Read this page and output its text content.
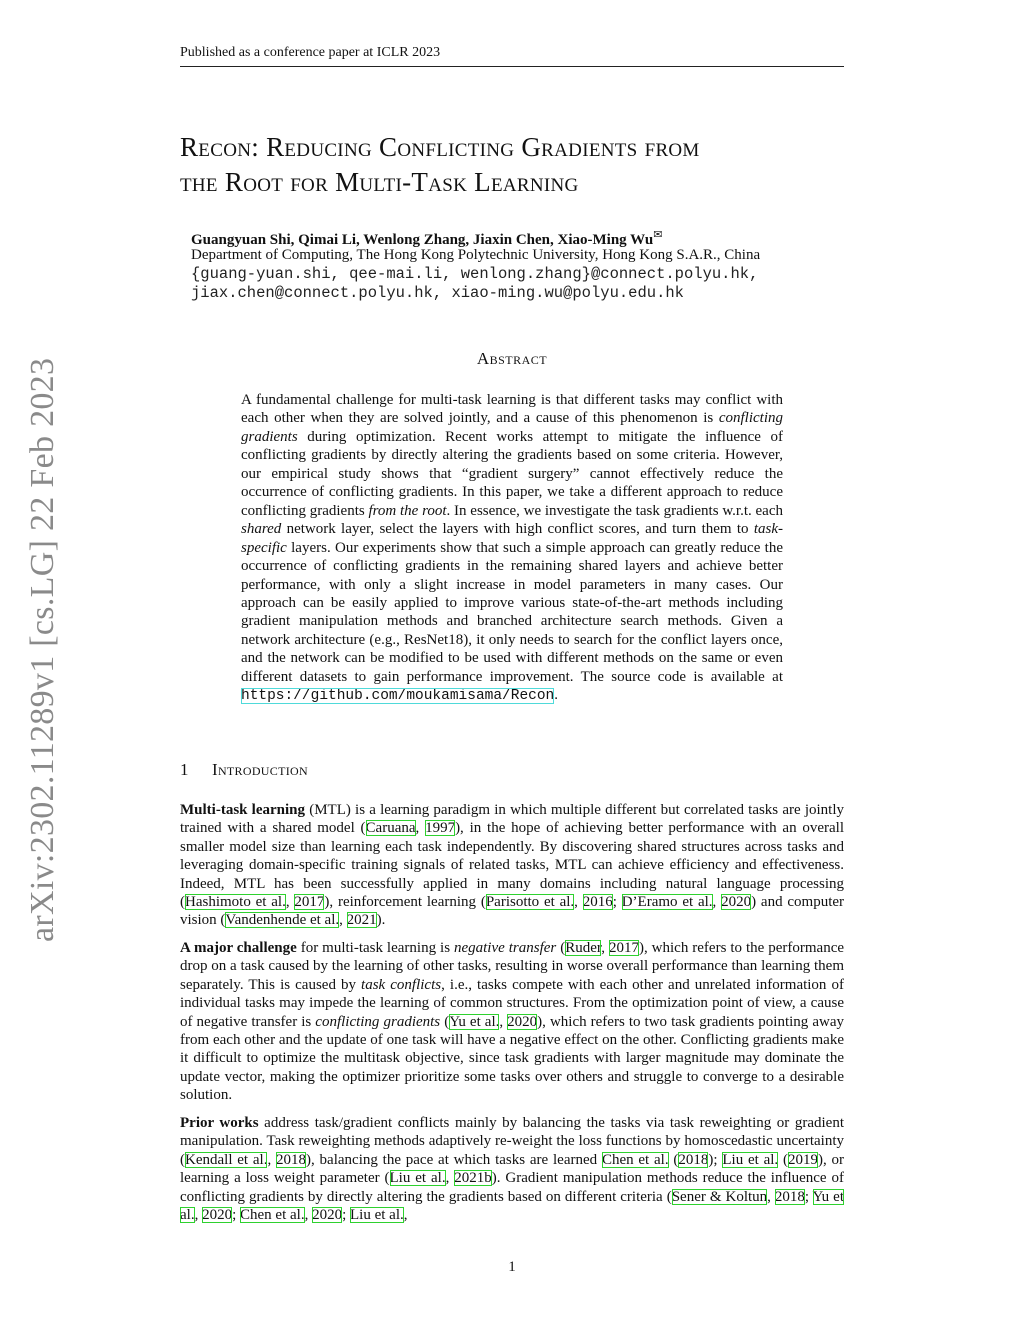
Published as a conference paper at ICLR 2023
arXiv:2302.11289v1 [cs.LG] 22 Feb 2023
Recon: Reducing Conflicting Gradients from
the Root for Multi-Task Learning
Guangyuan Shi, Qimai Li, Wenlong Zhang, Jiaxin Chen, Xiao-Ming Wu✉
Department of Computing, The Hong Kong Polytechnic University, Hong Kong S.A.R., China
{guang-yuan.shi, qee-mai.li, wenlong.zhang}@connect.polyu.hk,
jiax.chen@connect.polyu.hk, xiao-ming.wu@polyu.edu.hk
Abstract
A fundamental challenge for multi-task learning is that different tasks may conflict with each other when they are solved jointly, and a cause of this phenomenon is conflicting gradients during optimization. Recent works attempt to mitigate the influence of conflicting gradients by directly altering the gradients based on some criteria. However, our empirical study shows that “gradient surgery” cannot effectively reduce the occurrence of conflicting gradients. In this paper, we take a different approach to reduce conflicting gradients from the root. In essence, we investigate the task gradients w.r.t. each shared network layer, select the layers with high conflict scores, and turn them to task-specific layers. Our experiments show that such a simple approach can greatly reduce the occurrence of conflicting gradients in the remaining shared layers and achieve better performance, with only a slight increase in model parameters in many cases. Our approach can be easily applied to improve various state-of-the-art methods including gradient manipulation methods and branched architecture search methods. Given a network architecture (e.g., ResNet18), it only needs to search for the conflict layers once, and the network can be modified to be used with different methods on the same or even different datasets to gain performance improvement. The source code is available at https://github.com/moukamisama/Recon.
1 Introduction
Multi-task learning (MTL) is a learning paradigm in which multiple different but correlated tasks are jointly trained with a shared model (Caruana, 1997), in the hope of achieving better performance with an overall smaller model size than learning each task independently. By discovering shared structures across tasks and leveraging domain-specific training signals of related tasks, MTL can achieve efficiency and effectiveness. Indeed, MTL has been successfully applied in many domains including natural language processing (Hashimoto et al., 2017), reinforcement learning (Parisotto et al., 2016; D’Eramo et al., 2020) and computer vision (Vandenhende et al., 2021).
A major challenge for multi-task learning is negative transfer (Ruder, 2017), which refers to the performance drop on a task caused by the learning of other tasks, resulting in worse overall performance than learning them separately. This is caused by task conflicts, i.e., tasks compete with each other and unrelated information of individual tasks may impede the learning of common structures. From the optimization point of view, a cause of negative transfer is conflicting gradients (Yu et al., 2020), which refers to two task gradients pointing away from each other and the update of one task will have a negative effect on the other. Conflicting gradients make it difficult to optimize the multitask objective, since task gradients with larger magnitude may dominate the update vector, making the optimizer prioritize some tasks over others and struggle to converge to a desirable solution.
Prior works address task/gradient conflicts mainly by balancing the tasks via task reweighting or gradient manipulation. Task reweighting methods adaptively re-weight the loss functions by homoscedastic uncertainty (Kendall et al., 2018), balancing the pace at which tasks are learned Chen et al. (2018); Liu et al. (2019), or learning a loss weight parameter (Liu et al., 2021b). Gradient manipulation methods reduce the influence of conflicting gradients by directly altering the gradients based on different criteria (Sener & Koltun, 2018; Yu et al., 2020; Chen et al., 2020; Liu et al.,
1
